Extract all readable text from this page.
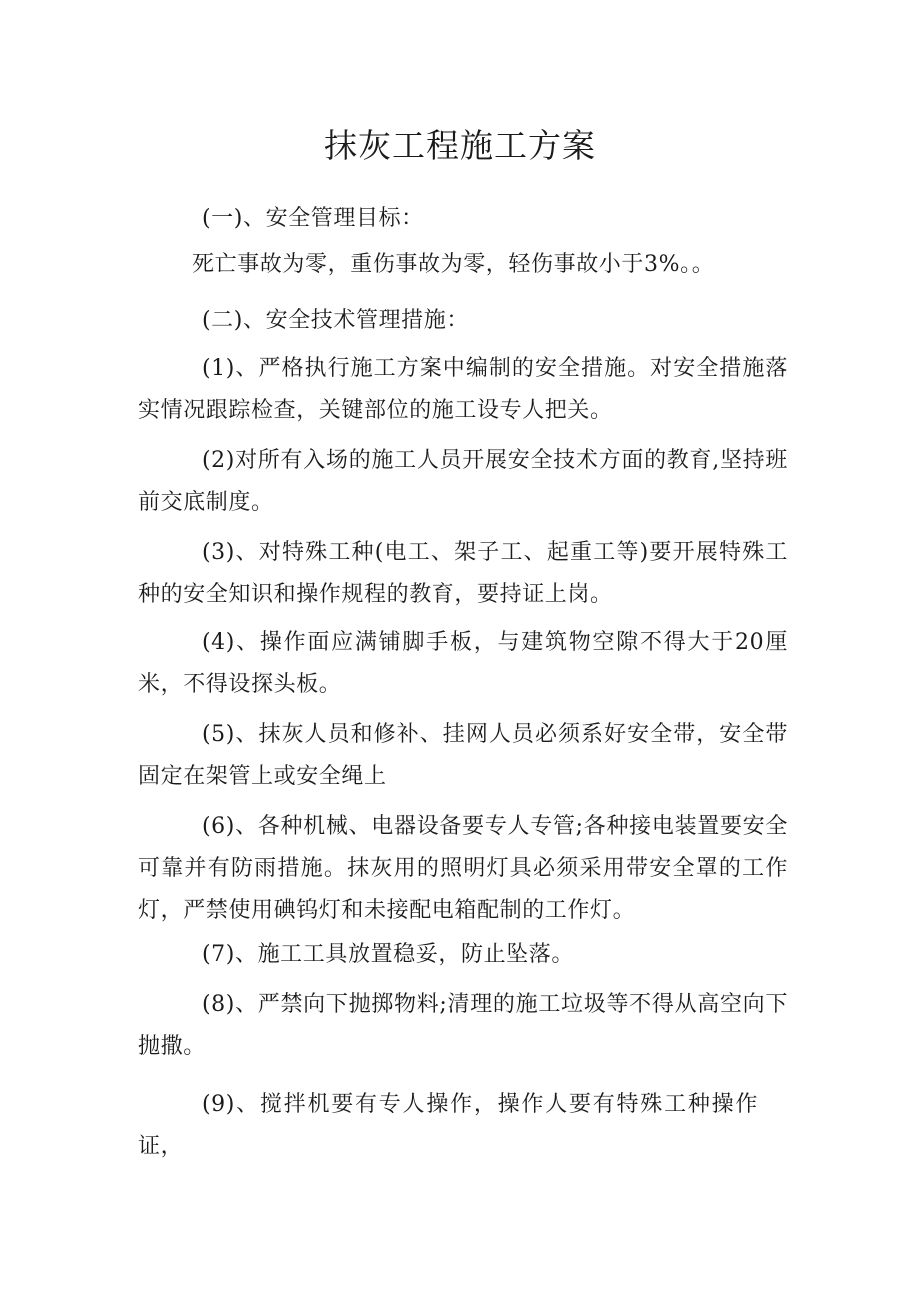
抹灰工程施工方案

(一)、安全管理目标：

死亡事故为零，重伤事故为零，轻伤事故小于3%。。

(二)、安全技术管理措施：

(1)、严格执行施工方案中编制的安全措施。对安全措施落实情况跟踪检查，关键部位的施工设专人把关。

(2)对所有入场的施工人员开展安全技术方面的教育,坚持班前交底制度。

(3)、对特殊工种(电工、架子工、起重工等)要开展特殊工种的安全知识和操作规程的教育，要持证上岗。

(4)、操作面应满铺脚手板，与建筑物空隙不得大于20厘米，不得设探头板。

(5)、抹灰人员和修补、挂网人员必须系好安全带，安全带固定在架管上或安全绳上

(6)、各种机械、电器设备要专人专管;各种接电装置要安全可靠并有防雨措施。抹灰用的照明灯具必须采用带安全罩的工作灯，严禁使用碘钨灯和未接配电箱配制的工作灯。

(7)、施工工具放置稳妥，防止坠落。

(8)、严禁向下抛掷物料;清理的施工垃圾等不得从高空向下抛撒。

(9)、搅拌机要有专人操作，操作人要有特殊工种操作证，
